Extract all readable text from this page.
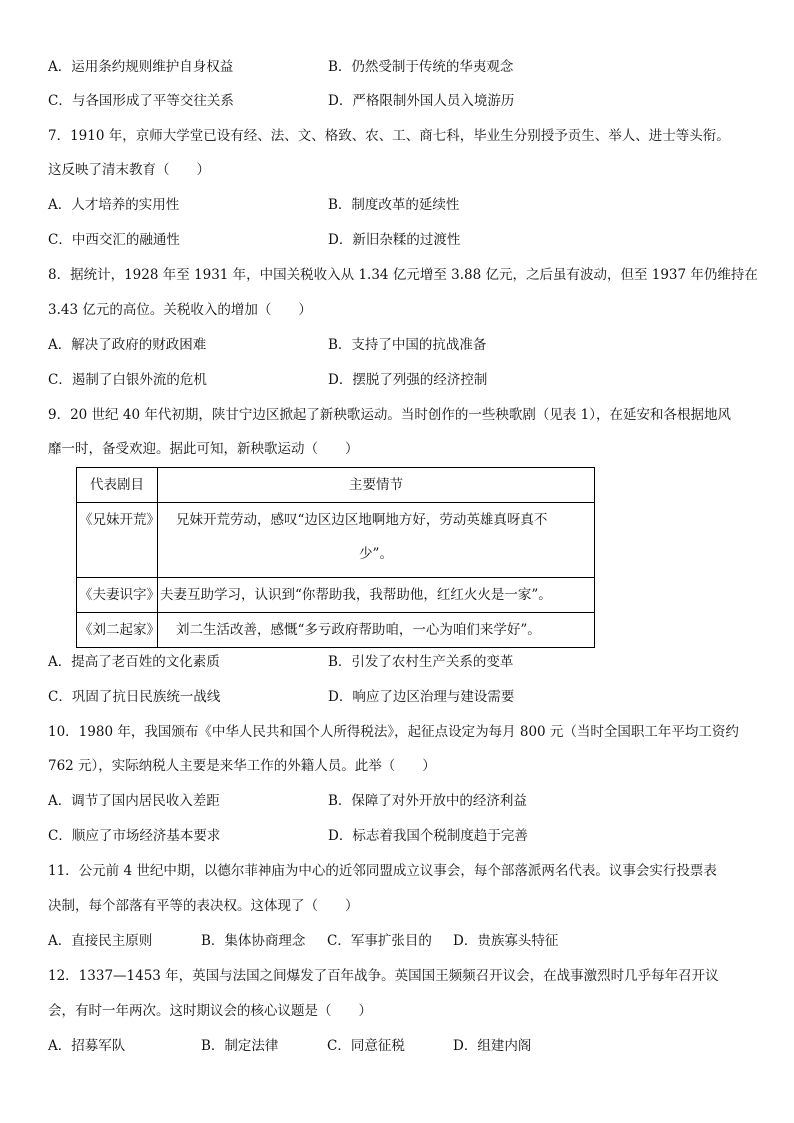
A．运用条约规则维护自身权益	B．仍然受制于传统的华夷观念
C．与各国形成了平等交往关系	D．严格限制外国人员入境游历
7．1910 年，京师大学堂已设有经、法、文、格致、农、工、商七科，毕业生分别授予贡生、举人、进士等头衔。
这反映了清末教育（　　）
A．人才培养的实用性	B．制度改革的延续性
C．中西交汇的融通性	D．新旧杂糅的过渡性
8．据统计，1928 年至 1931 年，中国关税收入从 1.34 亿元增至 3.88 亿元，之后虽有波动，但至 1937 年仍维持在
3.43 亿元的高位。关税收入的增加（　　）
A．解决了政府的财政困难	B．支持了中国的抗战准备
C．遏制了白银外流的危机	D．摆脱了列强的经济控制
9．20 世纪 40 年代初期，陕甘宁边区掀起了新秧歌运动。当时创作的一些秧歌剧（见表 1），在延安和各根据地风
靡一时，备受欢迎。据此可知，新秧歌运动（　　）
代表剧目	主要情节
《兄妹开荒》	兄妹开荒劳动，感叹“边区边区地啊地方好，劳动英雄真呀真不
少”。

《夫妻识字》	夫妻互助学习，认识到“你帮助我，我帮助他，红红火火是一家”。
《刘二起家》	刘二生活改善，感慨“多亏政府帮助咱，一心为咱们来学好”。
A．提高了老百姓的文化素质	B．引发了农村生产关系的变革
C．巩固了抗日民族统一战线	D．响应了边区治理与建设需要
10．1980 年，我国颁布《中华人民共和国个人所得税法》，起征点设定为每月 800 元（当时全国职工年平均工资约
762 元），实际纳税人主要是来华工作的外籍人员。此举（　　）
A．调节了国内居民收入差距	B．保障了对外开放中的经济利益
C．顺应了市场经济基本要求	D．标志着我国个税制度趋于完善
11．公元前 4 世纪中期，以德尔菲神庙为中心的近邻同盟成立议事会，每个部落派两名代表。议事会实行投票表
决制，每个部落有平等的表决权。这体现了（　　）
A．直接民主原则	B．集体协商理念 C．军事扩张目的 D．贵族寡头特征
12．1337—1453 年，英国与法国之间爆发了百年战争。英国国王频频召开议会，在战事激烈时几乎每年召开议
会，有时一年两次。这时期议会的核心议题是（　　）
A．招募军队	B．制定法律	C．同意征税	D．组建内阁
